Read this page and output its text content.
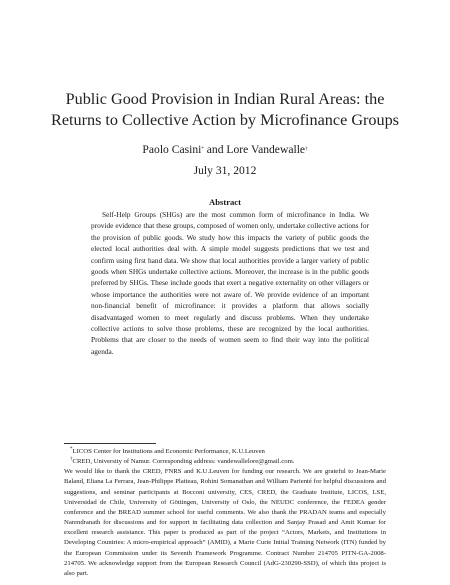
Public Good Provision in Indian Rural Areas: the Returns to Collective Action by Microfinance Groups
Paolo Casini* and Lore Vandewalle†
July 31, 2012
Abstract

Self-Help Groups (SHGs) are the most common form of microfinance in India. We provide evidence that these groups, composed of women only, undertake collective actions for the provision of public goods. We study how this impacts the variety of public goods the elected local authorities deal with. A simple model suggests predictions that we test and confirm using first hand data. We show that local authorities provide a larger variety of public goods when SHGs undertake collective actions. Moreover, the increase is in the public goods preferred by SHGs. These include goods that exert a negative externality on other villagers or whose importance the authorities were not aware of. We provide evidence of an important non-financial benefit of microfinance: it provides a platform that allows socially disadvantaged women to meet regularly and discuss problems. When they undertake collective actions to solve those problems, these are recognized by the local authorities. Problems that are closer to the needs of women seem to find their way into the political agenda.

*LICOS Center for Institutions and Economic Performance, K.U.Leuven

†CRED, University of Namur. Corresponding address: vandewallelore@gmail.com.

We would like to thank the CRED, FNRS and K.U.Leuven for funding our research. We are grateful to Jean-Marie Baland, Eliana La Ferrara, Jean-Philippe Platteau, Rohini Somanathan and William Parienté for helpful discussions and suggestions, and seminar participants at Bocconi university, CES, CRED, the Graduate Institute, LICOS, LSE, Universidad de Chile, University of Göttingen, University of Oslo, the NEUDC conference, the FEDEA gender conference and the BREAD summer school for useful comments. We also thank the PRADAN teams and especially Narendranath for discussions and for support in facilitating data collection and Sanjay Prasad and Amit Kumar for excellent research assistance. This paper is produced as part of the project “Actors, Markets, and Institutions in Developing Countries: A micro-empirical approach” (AMID), a Marie Curie Initial Training Network (ITN) funded by the European Commission under its Seventh Framework Programme. Contract Number 214705 PITN-GA-2008-214705. We acknowledge support from the European Research Council (AdG-230290-SSD), of which this project is also part.
